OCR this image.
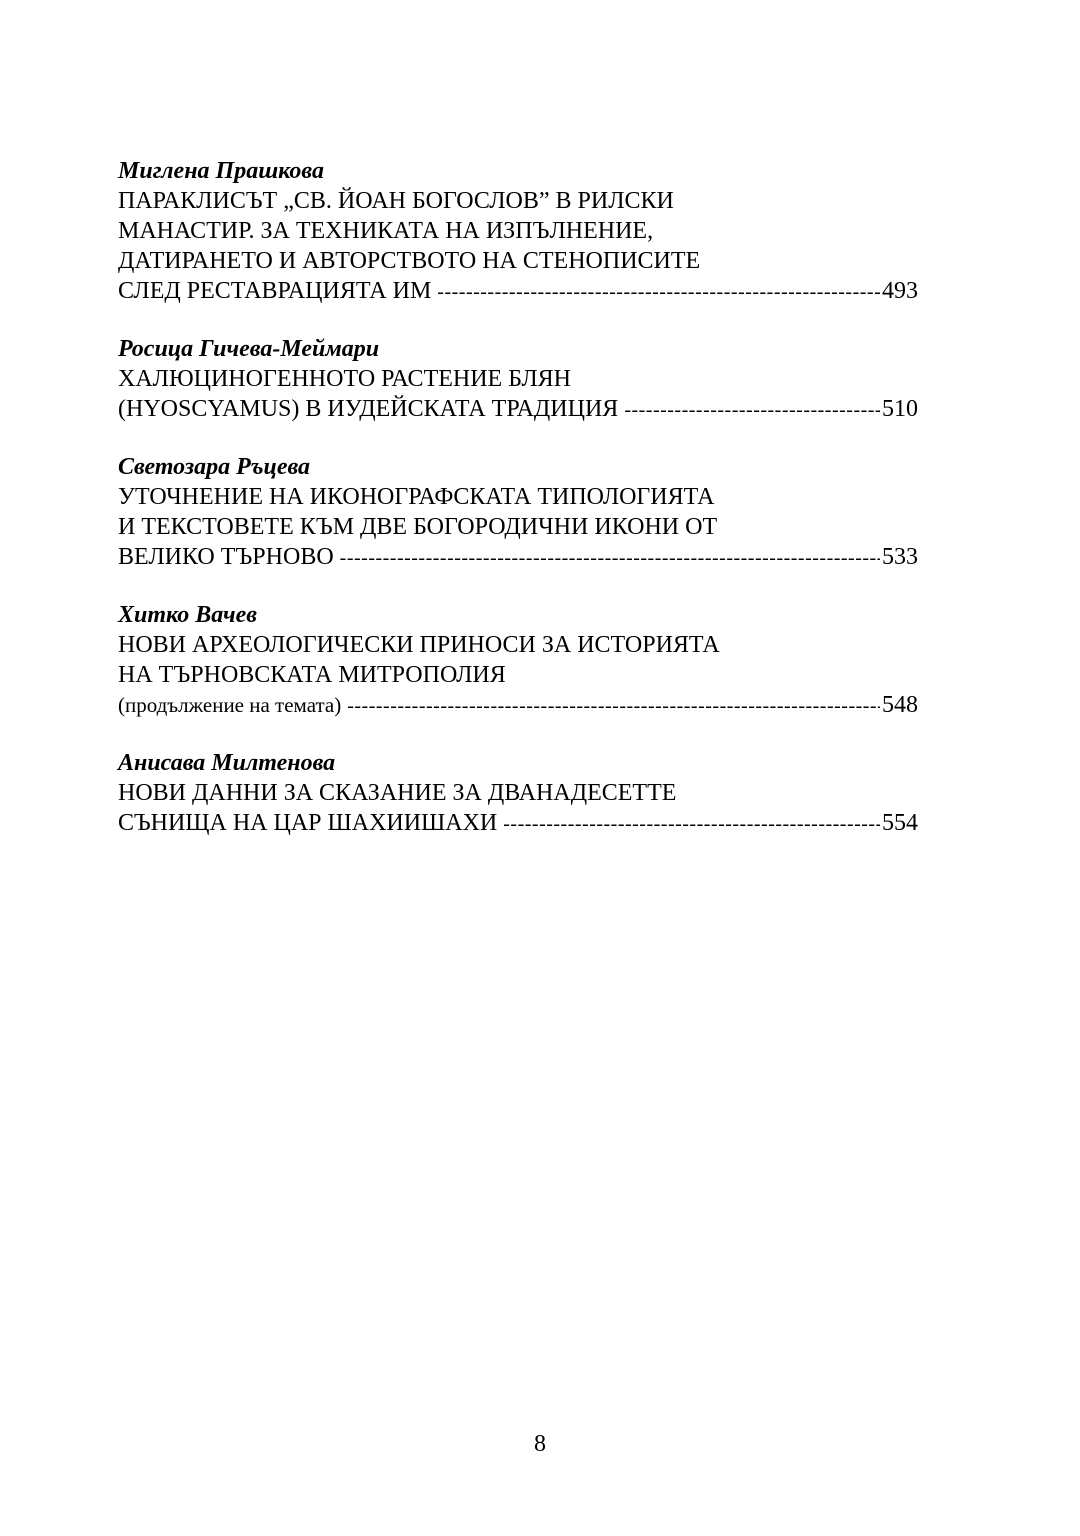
Миглена Прашкова
ПАРАКЛИСЪТ „СВ. ЙОАН БОГОСЛОВ” В РИЛСКИ
МАНАСТИР. ЗА ТЕХНИКАТА НА ИЗПЪЛНЕНИЕ,
ДАТИРАНЕТО И АВТОРСТВОТО НА СТЕНОПИСИТЕ
СЛЕД РЕСТАВРАЦИЯТА ИМ -----	493
Росица Гичева-Меймари
ХАЛЮЦИНОГЕННОТО РАСТЕНИЕ БЛЯН
(HYOSCYAMUS) В ИУДЕЙСКАТА ТРАДИЦИЯ -----	510
Светозара Ръцева
УТОЧНЕНИЕ НА ИКОНОГРАФСКАТА ТИПОЛОГИЯТА
И ТЕКСТОВЕТЕ КЪМ ДВЕ БОГОРОДИЧНИ ИКОНИ ОТ
ВЕЛИКО ТЪРНОВО -----	533
Хитко Вачев
НОВИ АРХЕОЛОГИЧЕСКИ ПРИНОСИ ЗА ИСТОРИЯТА
НА ТЪРНОВСКАТА МИТРОПОЛИЯ
(продължение на темата) -----	548
Анисава Милтенова
НОВИ ДАННИ ЗА СКАЗАНИЕ ЗА ДВАНАДЕСЕТТЕ
СЪНИЩА НА ЦАР ШАХИИШАХИ -----	554
8
